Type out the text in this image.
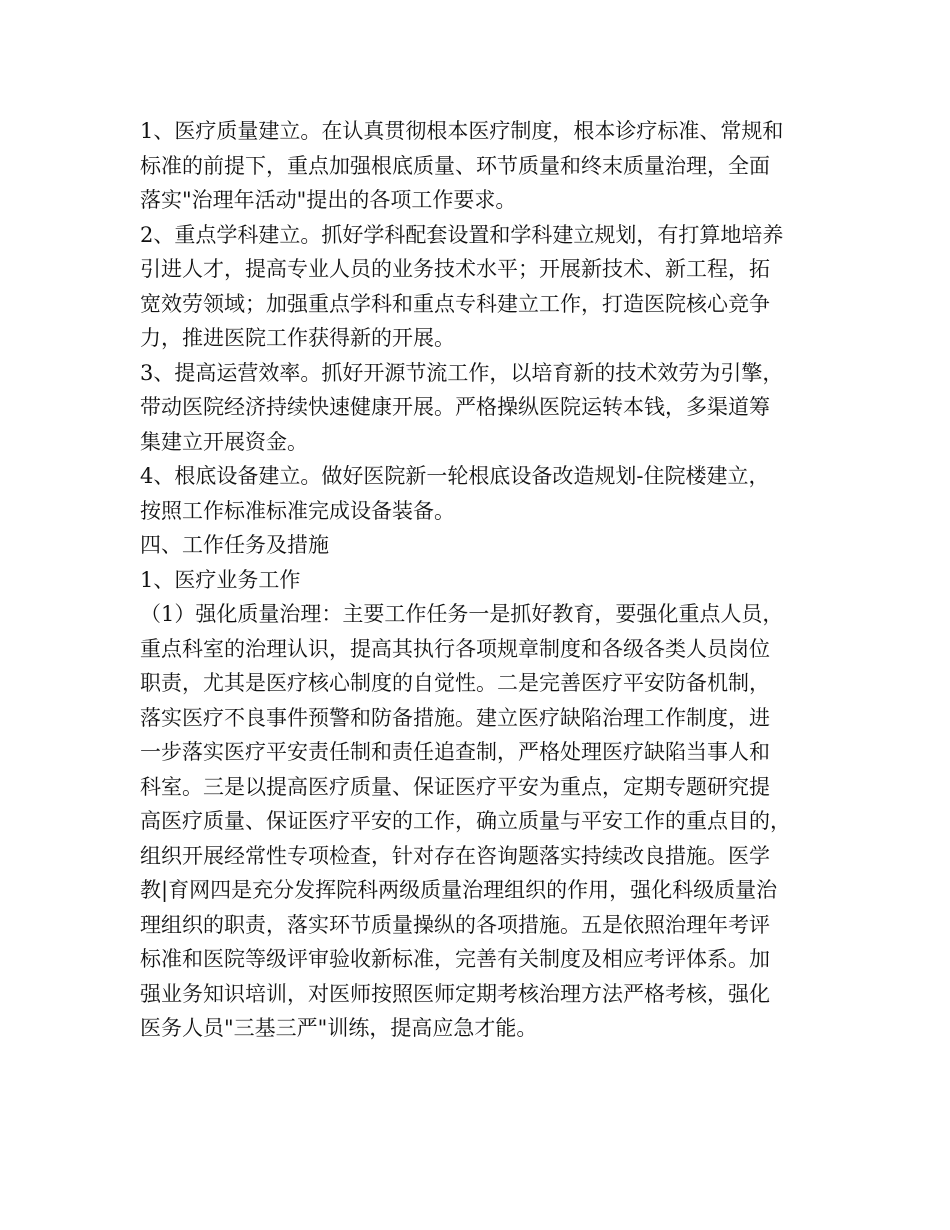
1、医疗质量建立。在认真贯彻根本医疗制度，根本诊疗标准、常规和
标准的前提下，重点加强根底质量、环节质量和终末质量治理，全面
落实"治理年活动"提出的各项工作要求。
2、重点学科建立。抓好学科配套设置和学科建立规划，有打算地培养
引进人才，提高专业人员的业务技术水平；开展新技术、新工程，拓
宽效劳领域；加强重点学科和重点专科建立工作，打造医院核心竞争
力，推进医院工作获得新的开展。
3、提高运营效率。抓好开源节流工作，以培育新的技术效劳为引擎，
带动医院经济持续快速健康开展。严格操纵医院运转本钱，多渠道筹
集建立开展资金。
4、根底设备建立。做好医院新一轮根底设备改造规划-住院楼建立，
按照工作标准标准完成设备装备。
四、工作任务及措施
1、医疗业务工作
（1）强化质量治理：主要工作任务一是抓好教育，要强化重点人员，
重点科室的治理认识，提高其执行各项规章制度和各级各类人员岗位
职责，尤其是医疗核心制度的自觉性。二是完善医疗平安防备机制，
落实医疗不良事件预警和防备措施。建立医疗缺陷治理工作制度，进
一步落实医疗平安责任制和责任追查制，严格处理医疗缺陷当事人和
科室。三是以提高医疗质量、保证医疗平安为重点，定期专题研究提
高医疗质量、保证医疗平安的工作，确立质量与平安工作的重点目的，
组织开展经常性专项检查，针对存在咨询题落实持续改良措施。医学
教|育网四是充分发挥院科两级质量治理组织的作用，强化科级质量治
理组织的职责，落实环节质量操纵的各项措施。五是依照治理年考评
标准和医院等级评审验收新标准，完善有关制度及相应考评体系。加
强业务知识培训，对医师按照医师定期考核治理方法严格考核，强化
医务人员"三基三严"训练，提高应急才能。
